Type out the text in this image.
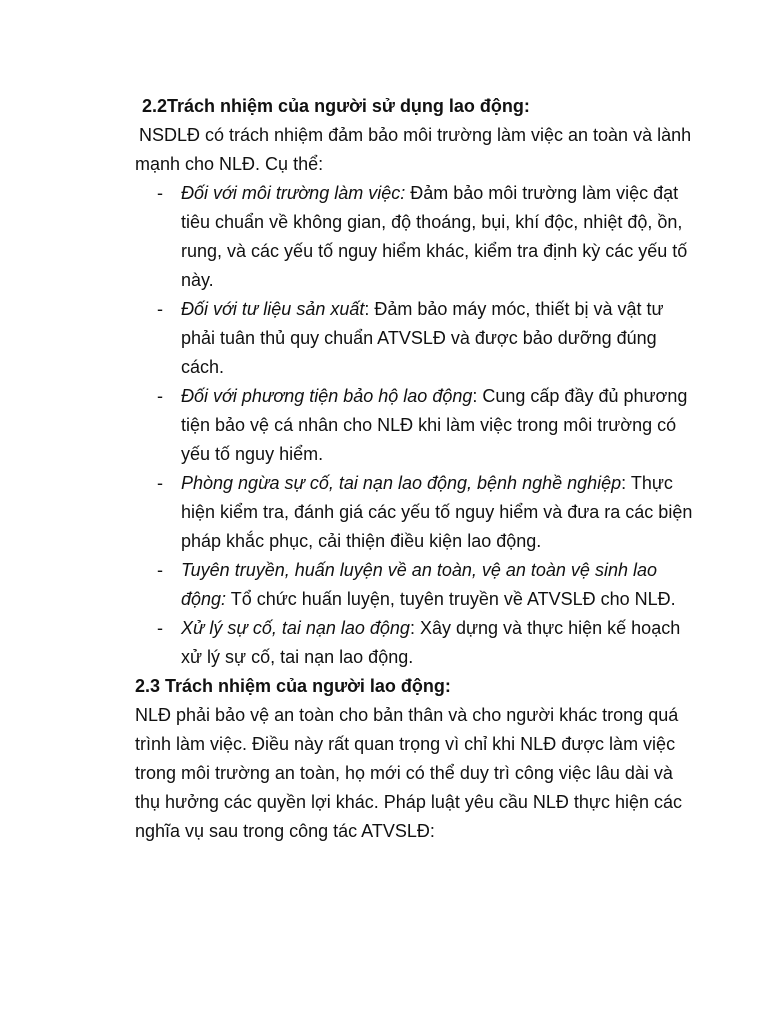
2.2Trách nhiệm của người sử dụng lao động:

NSDLĐ có trách nhiệm đảm bảo môi trường làm việc an toàn và lành mạnh cho NLĐ. Cụ thể:

- Đối với môi trường làm việc: Đảm bảo môi trường làm việc đạt tiêu chuẩn về không gian, độ thoáng, bụi, khí độc, nhiệt độ, ồn, rung, và các yếu tố nguy hiểm khác, kiểm tra định kỳ các yếu tố này.
- Đối với tư liệu sản xuất: Đảm bảo máy móc, thiết bị và vật tư phải tuân thủ quy chuẩn ATVSLĐ và được bảo dưỡng đúng cách.
- Đối với phương tiện bảo hộ lao động: Cung cấp đầy đủ phương tiện bảo vệ cá nhân cho NLĐ khi làm việc trong môi trường có yếu tố nguy hiểm.
- Phòng ngừa sự cố, tai nạn lao động, bệnh nghề nghiệp: Thực hiện kiểm tra, đánh giá các yếu tố nguy hiểm và đưa ra các biện pháp khắc phục, cải thiện điều kiện lao động.
- Tuyên truyền, huấn luyện về an toàn, vệ an toàn vệ sinh lao động: Tổ chức huấn luyện, tuyên truyền về ATVSLĐ cho NLĐ.
- Xử lý sự cố, tai nạn lao động: Xây dựng và thực hiện kế hoạch xử lý sự cố, tai nạn lao động.

2.3 Trách nhiệm của người lao động:

NLĐ phải bảo vệ an toàn cho bản thân và cho người khác trong quá trình làm việc. Điều này rất quan trọng vì chỉ khi NLĐ được làm việc trong môi trường an toàn, họ mới có thể duy trì công việc lâu dài và thụ hưởng các quyền lợi khác. Pháp luật yêu cầu NLĐ thực hiện các nghĩa vụ sau trong công tác ATVSLĐ:
